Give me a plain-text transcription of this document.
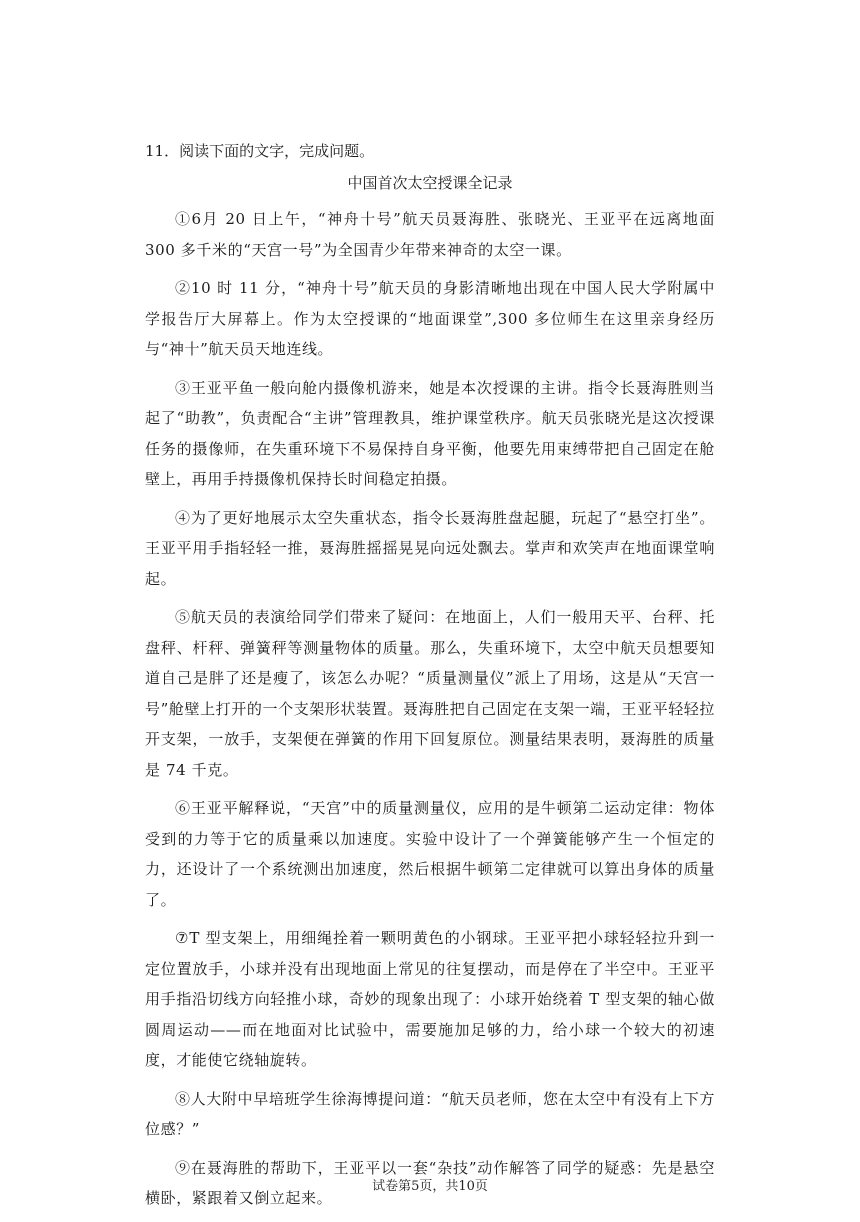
11．阅读下面的文字，完成问题。
中国首次太空授课全记录

①6月 20 日上午，“神舟十号”航天员聂海胜、张晓光、王亚平在远离地面 300 多千米的“天宫一号”为全国青少年带来神奇的太空一课。

②10 时 11 分，“神舟十号”航天员的身影清晰地出现在中国人民大学附属中学报告厅大屏幕上。作为太空授课的“地面课堂”,300 多位师生在这里亲身经历与“神十”航天员天地连线。

③王亚平鱼一般向舱内摄像机游来，她是本次授课的主讲。指令长聂海胜则当起了“助教”，负责配合“主讲”管理教具，维护课堂秩序。航天员张晓光是这次授课任务的摄像师，在失重环境下不易保持自身平衡，他要先用束缚带把自己固定在舱壁上，再用手持摄像机保持长时间稳定拍摄。

④为了更好地展示太空失重状态，指令长聂海胜盘起腿，玩起了“悬空打坐”。王亚平用手指轻轻一推，聂海胜摇摇晃晃向远处飘去。掌声和欢笑声在地面课堂响起。

⑤航天员的表演给同学们带来了疑问：在地面上，人们一般用天平、台秤、托盘秤、杆秤、弹簧秤等测量物体的质量。那么，失重环境下，太空中航天员想要知道自己是胖了还是瘦了，该怎么办呢？“质量测量仪”派上了用场，这是从“天宫一号”舱壁上打开的一个支架形状装置。聂海胜把自己固定在支架一端，王亚平轻轻拉开支架，一放手，支架便在弹簧的作用下回复原位。测量结果表明，聂海胜的质量是 74 千克。

⑥王亚平解释说，“天宫”中的质量测量仪，应用的是牛顿第二运动定律：物体受到的力等于它的质量乘以加速度。实验中设计了一个弹簧能够产生一个恒定的力，还设计了一个系统测出加速度，然后根据牛顿第二定律就可以算出身体的质量了。

⑦T 型支架上，用细绳拴着一颗明黄色的小钢球。王亚平把小球轻轻拉升到一定位置放手，小球并没有出现地面上常见的往复摆动，而是停在了半空中。王亚平用手指沿切线方向轻推小球，奇妙的现象出现了：小球开始绕着 T 型支架的轴心做圆周运动——而在地面对比试验中，需要施加足够的力，给小球一个较大的初速度，才能使它绕轴旋转。

⑧人大附中早培班学生徐海博提问道：“航天员老师，您在太空中有没有上下方位感？”

⑨在聂海胜的帮助下，王亚平以一套“杂技”动作解答了同学的疑惑：先是悬空横卧，紧跟着又倒立起来。

试卷第5页，共10页
